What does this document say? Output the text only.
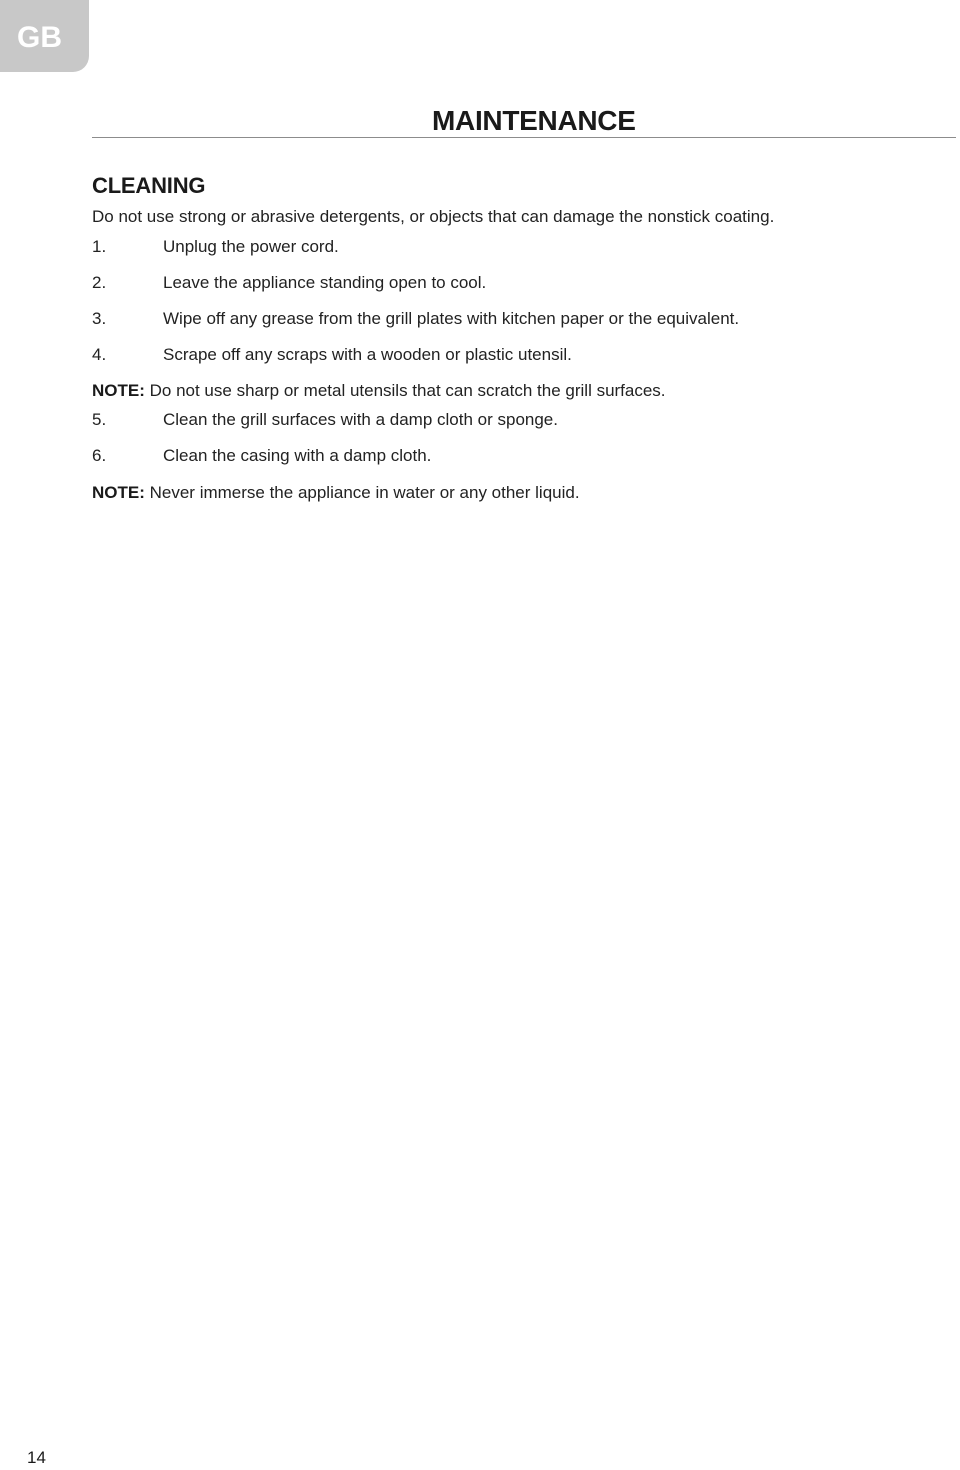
GB
MAINTENANCE
CLEANING
Do not use strong or abrasive detergents, or objects that can damage the nonstick coating.
1.	Unplug the power cord.
2.	Leave the appliance standing open to cool.
3.	Wipe off any grease from the grill plates with kitchen paper or the equivalent.
4.	Scrape off any scraps with a wooden or plastic utensil.
NOTE: Do not use sharp or metal utensils that can scratch the grill surfaces.
5.	Clean the grill surfaces with a damp cloth or sponge.
6.	Clean the casing with a damp cloth.
NOTE: Never immerse the appliance in water or any other liquid.
14
